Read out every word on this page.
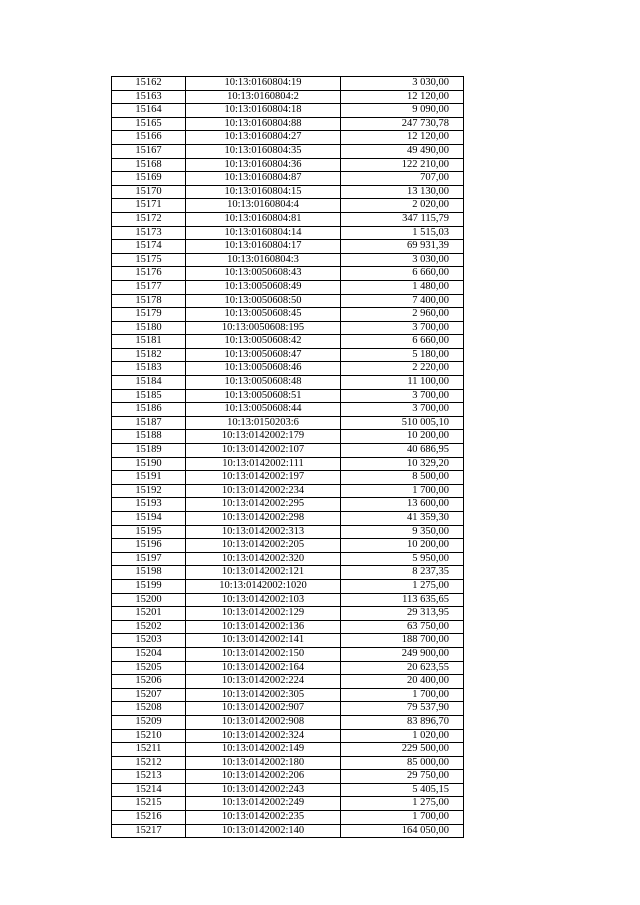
15162	10:13:0160804:19	3 030,00
15163	10:13:0160804:2	12 120,00
15164	10:13:0160804:18	9 090,00
15165	10:13:0160804:88	247 730,78
15166	10:13:0160804:27	12 120,00
15167	10:13:0160804:35	49 490,00
15168	10:13:0160804:36	122 210,00
15169	10:13:0160804:87	707,00
15170	10:13:0160804:15	13 130,00
15171	10:13:0160804:4	2 020,00
15172	10:13:0160804:81	347 115,79
15173	10:13:0160804:14	1 515,03
15174	10:13:0160804:17	69 931,39
15175	10:13:0160804:3	3 030,00
15176	10:13:0050608:43	6 660,00
15177	10:13:0050608:49	1 480,00
15178	10:13:0050608:50	7 400,00
15179	10:13:0050608:45	2 960,00
15180	10:13:0050608:195	3 700,00
15181	10:13:0050608:42	6 660,00
15182	10:13:0050608:47	5 180,00
15183	10:13:0050608:46	2 220,00
15184	10:13:0050608:48	11 100,00
15185	10:13:0050608:51	3 700,00
15186	10:13:0050608:44	3 700,00
15187	10:13:0150203:6	510 005,10
15188	10:13:0142002:179	10 200,00
15189	10:13:0142002:107	40 686,95
15190	10:13:0142002:111	10 329,20
15191	10:13:0142002:197	8 500,00
15192	10:13:0142002:234	1 700,00
15193	10:13:0142002:295	13 600,00
15194	10:13:0142002:298	41 359,30
15195	10:13:0142002:313	9 350,00
15196	10:13:0142002:205	10 200,00
15197	10:13:0142002:320	5 950,00
15198	10:13:0142002:121	8 237,35
15199	10:13:0142002:1020	1 275,00
15200	10:13:0142002:103	113 635,65
15201	10:13:0142002:129	29 313,95
15202	10:13:0142002:136	63 750,00
15203	10:13:0142002:141	188 700,00
15204	10:13:0142002:150	249 900,00
15205	10:13:0142002:164	20 623,55
15206	10:13:0142002:224	20 400,00
15207	10:13:0142002:305	1 700,00
15208	10:13:0142002:907	79 537,90
15209	10:13:0142002:908	83 896,70
15210	10:13:0142002:324	1 020,00
15211	10:13:0142002:149	229 500,00
15212	10:13:0142002:180	85 000,00
15213	10:13:0142002:206	29 750,00
15214	10:13:0142002:243	5 405,15
15215	10:13:0142002:249	1 275,00
15216	10:13:0142002:235	1 700,00
15217	10:13:0142002:140	164 050,00
